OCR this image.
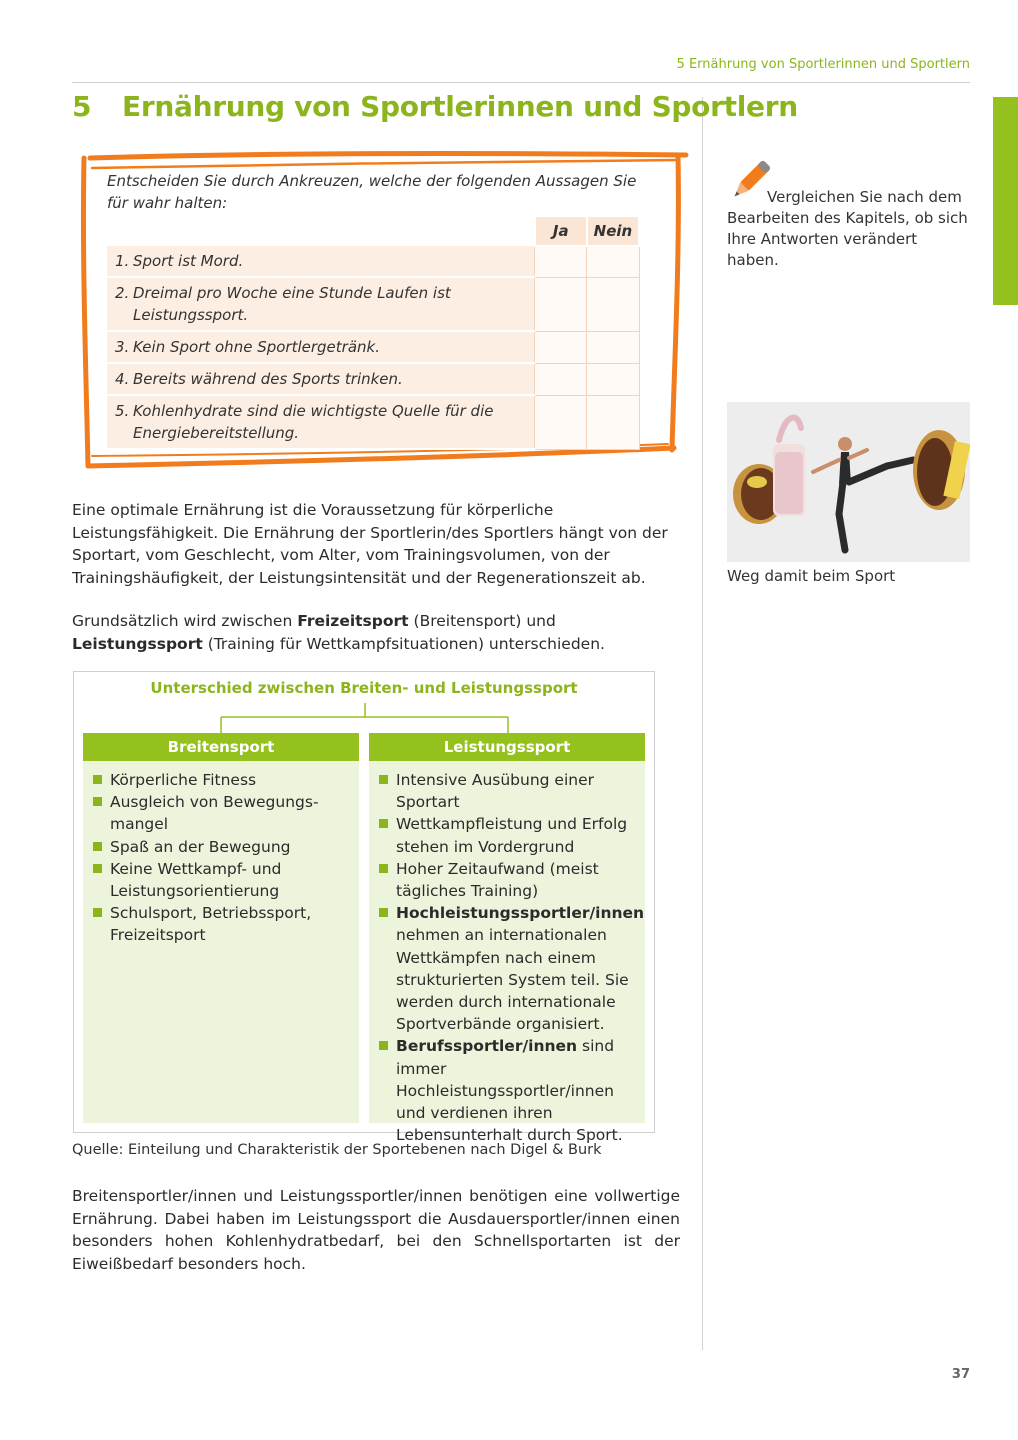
5 Ernährung von Sportlerinnen und Sportlern
5 Ernährung von Sportlerinnen und Sportlern
Entscheiden Sie durch Ankreuzen, welche der folgenden Aussagen Sie für wahr halten:
	Ja	Nein
1. Sport ist Mord.		
2. Dreimal pro Woche eine Stunde Laufen ist Leistungssport.		
3. Kein Sport ohne Sportlergetränk.		
4. Bereits während des Sports trinken.		
5. Kohlenhydrate sind die wichtigste Quelle für die Energiebereitstellung.		
Vergleichen Sie nach dem Bearbeiten des Kapitels, ob sich Ihre Antworten verändert haben.
Weg damit beim Sport
Eine optimale Ernährung ist die Voraussetzung für körperliche Leistungsfähigkeit. Die Ernährung der Sportlerin/des Sportlers hängt von der Sportart, vom Geschlecht, vom Alter, vom Trainingsvolumen, von der Trainingshäufigkeit, der Leistungsintensität und der Regenerationszeit ab.
Grundsätzlich wird zwischen Freizeitsport (Breitensport) und Leistungssport (Training für Wettkampfsituationen) unterschieden.
Unterschied zwischen Breiten- und Leistungssport
Breitensport
Körperliche Fitness
Ausgleich von Bewegungsmangel
Spaß an der Bewegung
Keine Wettkampf- und Leistungsorientierung
Schulsport, Betriebssport, Freizeitsport
Leistungssport
Intensive Ausübung einer Sportart
Wettkampfleistung und Erfolg stehen im Vordergrund
Hoher Zeitaufwand (meist tägliches Training)
Hochleistungssportler/innen nehmen an internationalen Wettkämpfen nach einem strukturierten System teil. Sie werden durch internationale Sportverbände organisiert.
Berufssportler/innen sind immer Hochleistungssportler/innen und verdienen ihren Lebensunterhalt durch Sport.
Quelle: Einteilung und Charakteristik der Sportebenen nach Digel & Burk
Breitensportler/innen und Leistungssportler/innen benötigen eine vollwertige Ernährung. Dabei haben im Leistungssport die Ausdauersportler/innen einen besonders hohen Kohlenhydratbedarf, bei den Schnellsportarten ist der Eiweißbedarf besonders hoch.
37
